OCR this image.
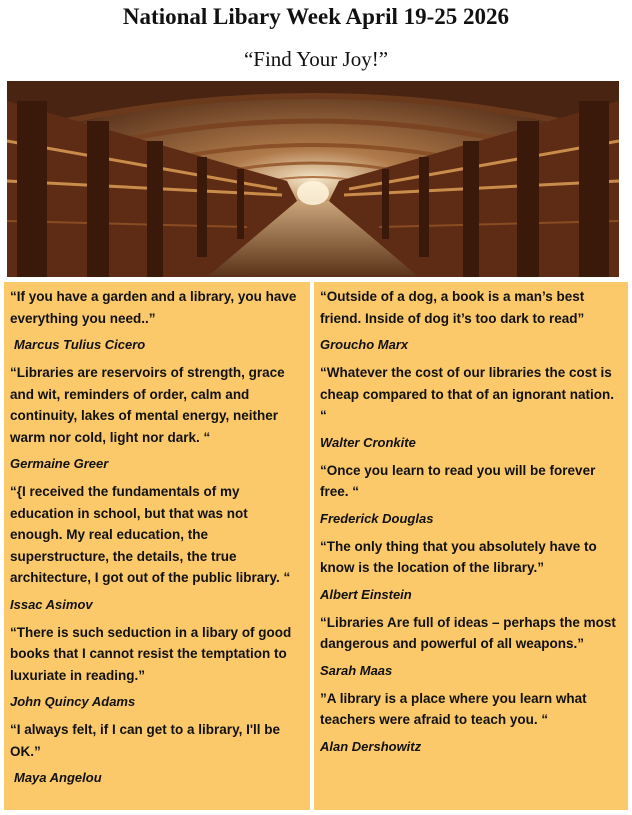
National Libary Week April 19-25 2026
“Find Your Joy!”

“If you have a garden and a library, you have everything you need..”

Marcus Tulius Cicero

“Libraries are reservoirs of strength, grace and wit, reminders of order, calm and continuity, lakes of mental energy, neither warm nor cold, light nor dark. “

Germaine Greer

“{I received the fundamentals of my education in school, but that was not enough. My real education, the superstructure, the details, the true architecture, I got out of the public library. “

Issac Asimov

“There is such seduction in a libary of good books that I cannot resist the temptation to luxuriate in reading.”

John Quincy Adams

“I always felt, if I can get to a library, I'll be OK.”

Maya Angelou

“Outside of a dog, a book is a man’s best friend. Inside of dog it’s too dark to read”

Groucho Marx

“Whatever the cost of our libraries the cost is cheap compared to that of an ignorant nation. “

Walter Cronkite

“Once you learn to read you will be forever free. “

Frederick Douglas

“The only thing that you absolutely have to know is the location of the library.”

Albert Einstein

“Libraries Are full of ideas – perhaps the most dangerous and powerful of all weapons.”

Sarah Maas

”A library is a place where you learn what teachers were afraid to teach you. “

Alan Dershowitz
